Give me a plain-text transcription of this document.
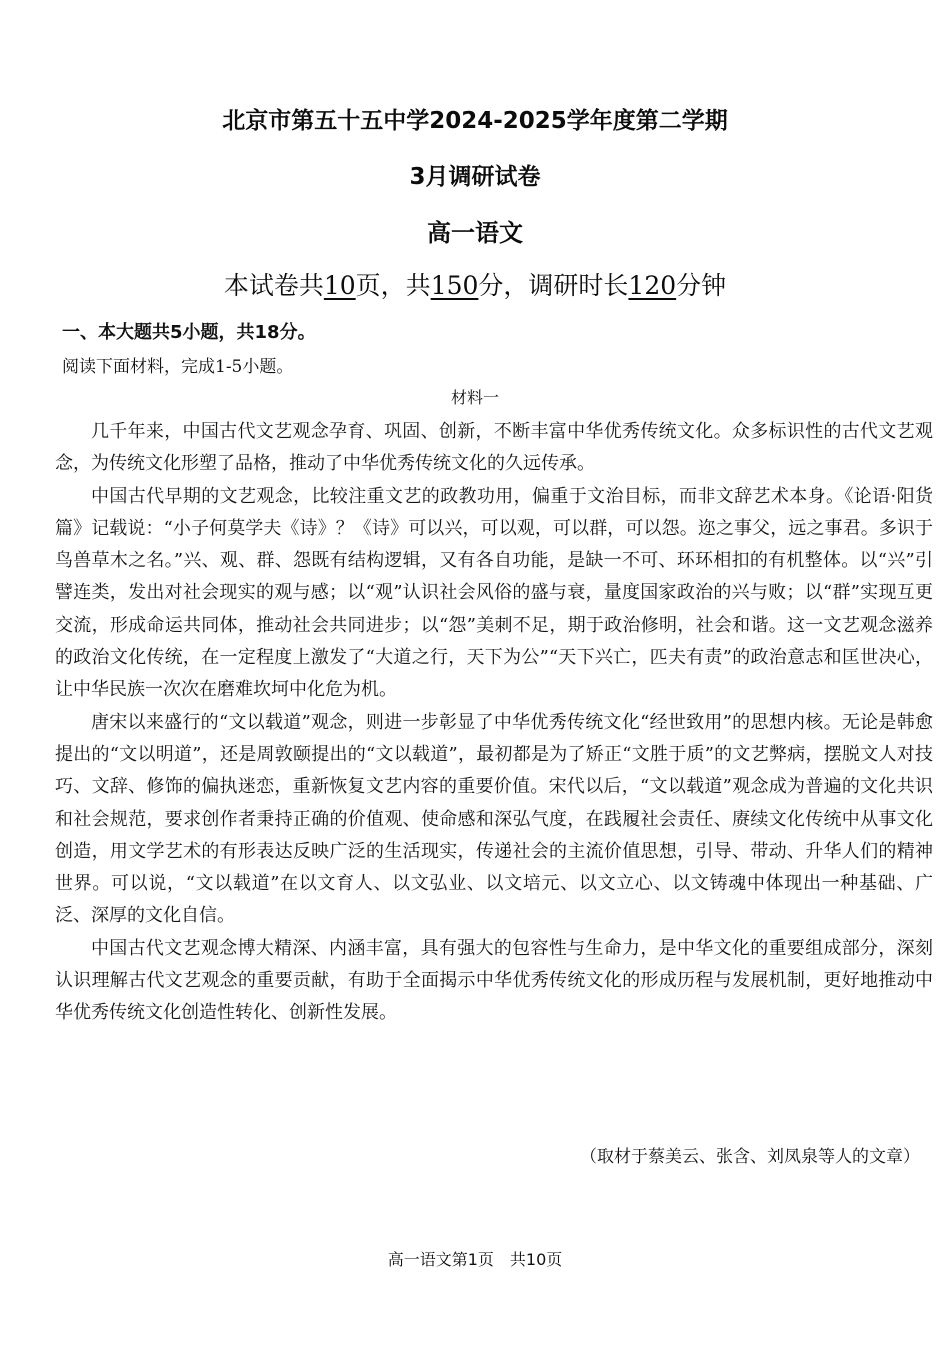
北京市第五十五中学2024-2025学年度第二学期
3月调研试卷
高一语文
本试卷共10页，共150分，调研时长120分钟
一、本大题共5小题，共18分。
阅读下面材料，完成1-5小题。
材料一

几千年来，中国古代文艺观念孕育、巩固、创新，不断丰富中华优秀传统文化。众多标识性的古代文艺观念，为传统文化形塑了品格，推动了中华优秀传统文化的久远传承。

中国古代早期的文艺观念，比较注重文艺的政教功用，偏重于文治目标，而非文辞艺术本身。《论语·阳货篇》记载说：“小子何莫学夫《诗》？《诗》可以兴，可以观，可以群，可以怨。迩之事父，远之事君。多识于鸟兽草木之名。”兴、观、群、怨既有结构逻辑，又有各自功能，是缺一不可、环环相扣的有机整体。以“兴”引譬连类，发出对社会现实的观与感；以“观”认识社会风俗的盛与衰，量度国家政治的兴与败；以“群”实现互更交流，形成命运共同体，推动社会共同进步；以“怨”美刺不足，期于政治修明，社会和谐。这一文艺观念滋养的政治文化传统，在一定程度上激发了“大道之行，天下为公”“天下兴亡，匹夫有责”的政治意志和匡世决心，让中华民族一次次在磨难坎坷中化危为机。

唐宋以来盛行的“文以载道”观念，则进一步彰显了中华优秀传统文化“经世致用”的思想内核。无论是韩愈提出的“文以明道”，还是周敦颐提出的“文以载道”，最初都是为了矫正“文胜于质”的文艺弊病，摆脱文人对技巧、文辞、修饰的偏执迷恋，重新恢复文艺内容的重要价值。宋代以后，“文以载道”观念成为普遍的文化共识和社会规范，要求创作者秉持正确的价值观、使命感和深弘气度，在践履社会责任、赓续文化传统中从事文化创造，用文学艺术的有形表达反映广泛的生活现实，传递社会的主流价值思想，引导、带动、升华人们的精神世界。可以说，“文以载道”在以文育人、以文弘业、以文培元、以文立心、以文铸魂中体现出一种基础、广泛、深厚的文化自信。

中国古代文艺观念博大精深、内涵丰富，具有强大的包容性与生命力，是中华文化的重要组成部分，深刻认识理解古代文艺观念的重要贡献，有助于全面揭示中华优秀传统文化的形成历程与发展机制，更好地推动中华优秀传统文化创造性转化、创新性发展。

（取材于蔡美云、张含、刘凤泉等人的文章）
高一语文第1页　共10页
